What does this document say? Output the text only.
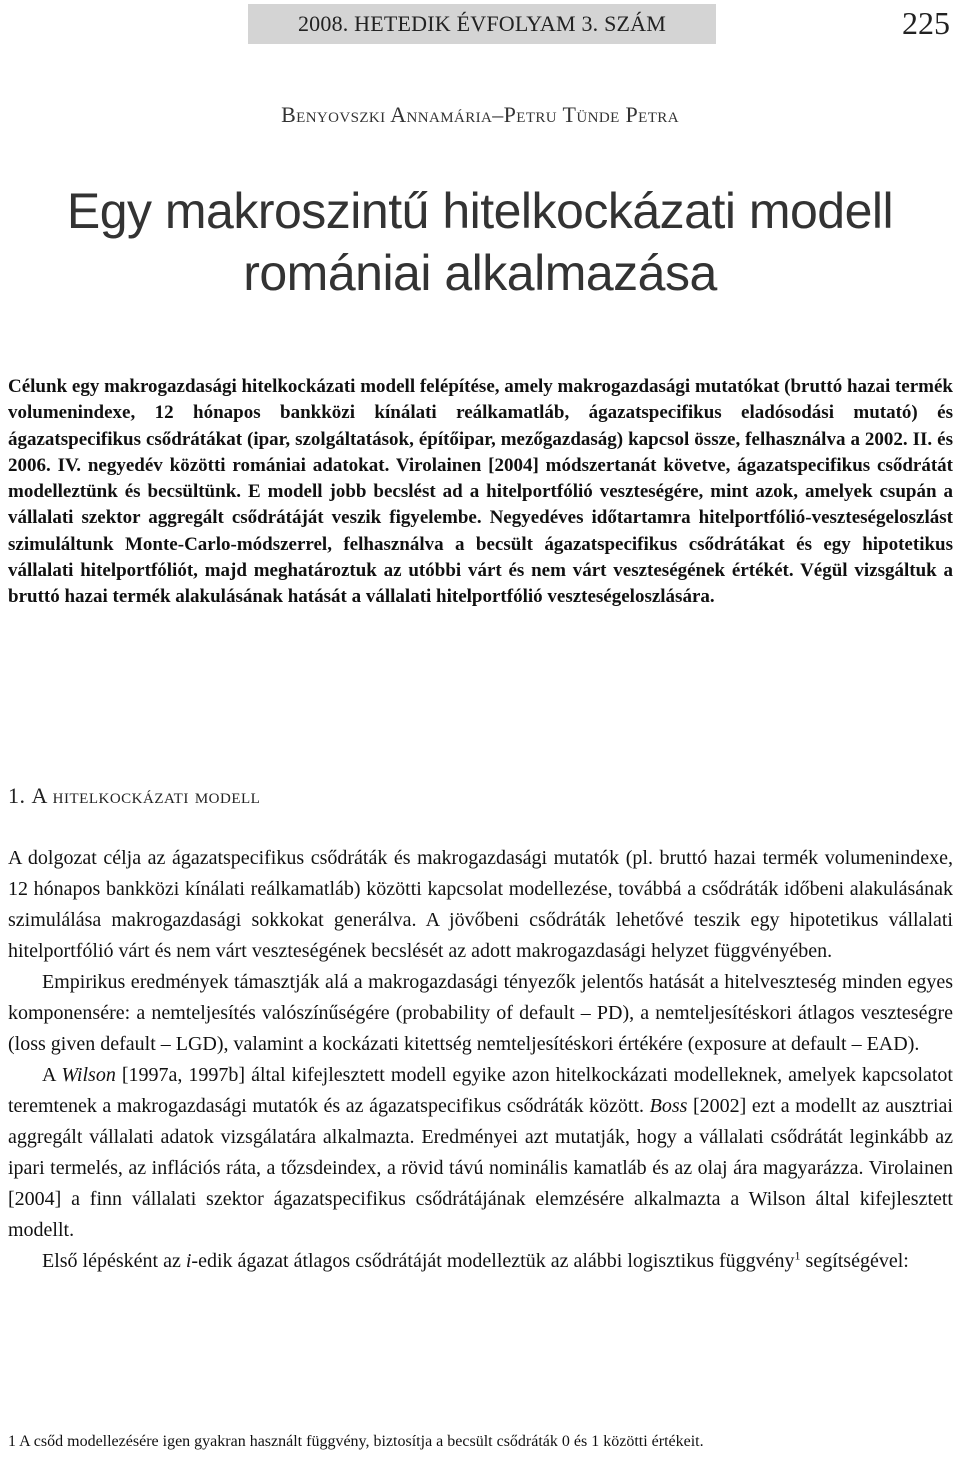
2008. HETEDIK ÉVFOLYAM 3. SZÁM	225
Benyovszki Annamária–Petru Tünde Petra
Egy makroszintű hitelkockázati modell
romániai alkalmazása
Célunk egy makrogazdasági hitelkockázati modell felépítése, amely makrogazdasági mutatókat (bruttó hazai termék volumenindexe, 12 hónapos bankközi kínálati reálkamatláb, ágazatspecifikus eladósodási mutató) és ágazatspecifikus csődrátákat (ipar, szolgáltatások, építőipar, mezőgazdaság) kapcsol össze, felhasználva a 2002. II. és 2006. IV. negyedév közötti romániai adatokat. Virolainen [2004] módszertanát követve, ágazatspecifikus csődrátát modelleztünk és becsültünk. E modell jobb becslést ad a hitelportfólió veszteségére, mint azok, amelyek csupán a vállalati szektor aggregált csődrátáját veszik figyelembe. Negyedéves időtartamra hitelportfólió-veszteségeloszlást szimuláltunk Monte-Carlo-módszerrel, felhasználva a becsült ágazatspecifikus csődrátákat és egy hipotetikus vállalati hitelportfóliót, majd meghatároztuk az utóbbi várt és nem várt veszteségének értékét. Végül vizsgáltuk a bruttó hazai termék alakulásának hatását a vállalati hitelportfólió veszteségeloszlására.
1. A hitelkockázati modell

A dolgozat célja az ágazatspecifikus csődráták és makrogazdasági mutatók (pl. bruttó hazai termék volumenindexe, 12 hónapos bankközi kínálati reálkamatláb) közötti kapcsolat modellezése, továbbá a csődráták időbeni alakulásának szimulálása makrogazdasági sokkokat generálva. A jövőbeni csődráták lehetővé teszik egy hipotetikus vállalati hitelportfólió várt és nem várt veszteségének becslését az adott makrogazdasági helyzet függvényében.

Empirikus eredmények támasztják alá a makrogazdasági tényezők jelentős hatását a hitelveszteség minden egyes komponensére: a nemteljesítés valószínűségére (probability of default – PD), a nemteljesítéskori átlagos veszteségre (loss given default – LGD), valamint a kockázati kitettség nemteljesítéskori értékére (exposure at default – EAD).

A Wilson [1997a, 1997b] által kifejlesztett modell egyike azon hitelkockázati modelleknek, amelyek kapcsolatot teremtenek a makrogazdasági mutatók és az ágazatspecifikus csődráták között. Boss [2002] ezt a modellt az ausztriai aggregált vállalati adatok vizsgálatára alkalmazta. Eredményei azt mutatják, hogy a vállalati csődrátát leginkább az ipari termelés, az inflációs ráta, a tőzsdeindex, a rövid távú nominális kamatláb és az olaj ára magyarázza. Virolainen [2004] a finn vállalati szektor ágazatspecifikus csődrátájának elemzésére alkalmazta a Wilson által kifejlesztett modellt.

Első lépésként az i-edik ágazat átlagos csődrátáját modelleztük az alábbi logisztikus függvény$^1$ segítségével:

1 A csőd modellezésére igen gyakran használt függvény, biztosítja a becsült csődráták 0 és 1 közötti értékeit.
